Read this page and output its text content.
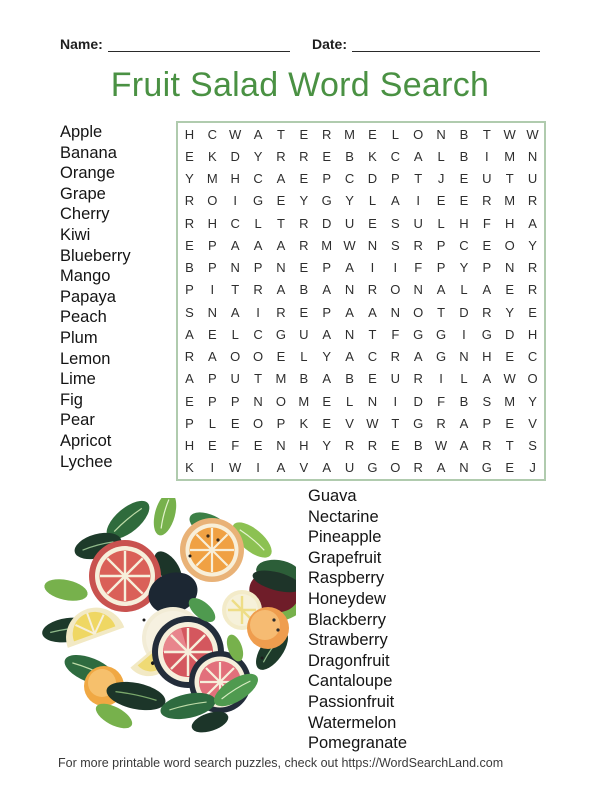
Name:	Date:
Fruit Salad Word Search
Apple
Banana
Orange
Grape
Cherry
Kiwi
Blueberry
Mango
Papaya
Peach
Plum
Lemon
Lime
Fig
Pear
Apricot
Lychee
H	C W A	T	E	R M	E	L	O	N	B	T W W
E	K	D	Y	R	R	E	B	K	C	A	L	B	I	M N
Y	M H	C	A	E	P	C	D	P	T	J	E	U	T	U
R	O	I	G	E	Y	G	Y	L	A	I	E	E	R M R
R	H	C	L	T	R	D	U	E	S	U	L	H	F	H	A
E	P	A	A	A	R M W N	S	R	P	C	E	O	Y
B	P	N	P	N	E	P	A	I	I	F	P	Y	P	N	R
P	I	T	R	A	B	A	N	R	O	N	A	L	A	E	R
S	N	A	I	R	E	P	A	A	N	O	T	D	R	Y	E
A	E	L	C	G	U	A	N	T	F	G G	I	G	D	H
R	A	O O	E	L	Y	A	C	R	A	G	N	H	E	C
A	P	U	T	M	B	A	B	E	U	R	I	L	A W O
E	P	P	N	O M	E	L	N	I	D	F	B	S	M	Y
P	L	E	O	P	K	E	V W T	G	R	A	P	E	V
H	E	F	E	N	H	Y	R	R	E	B W A	R	T	S
K	I	W	I	A	V	A	U	G O	R	A	N	G	E	J
Guava
Nectarine
Pineapple
Grapefruit
Raspberry
Honeydew
Blackberry
Strawberry
Dragonfruit
Cantaloupe
Passionfruit
Watermelon
Pomegranate
For more printable word search puzzles, check out https://WordSearchLand.com
